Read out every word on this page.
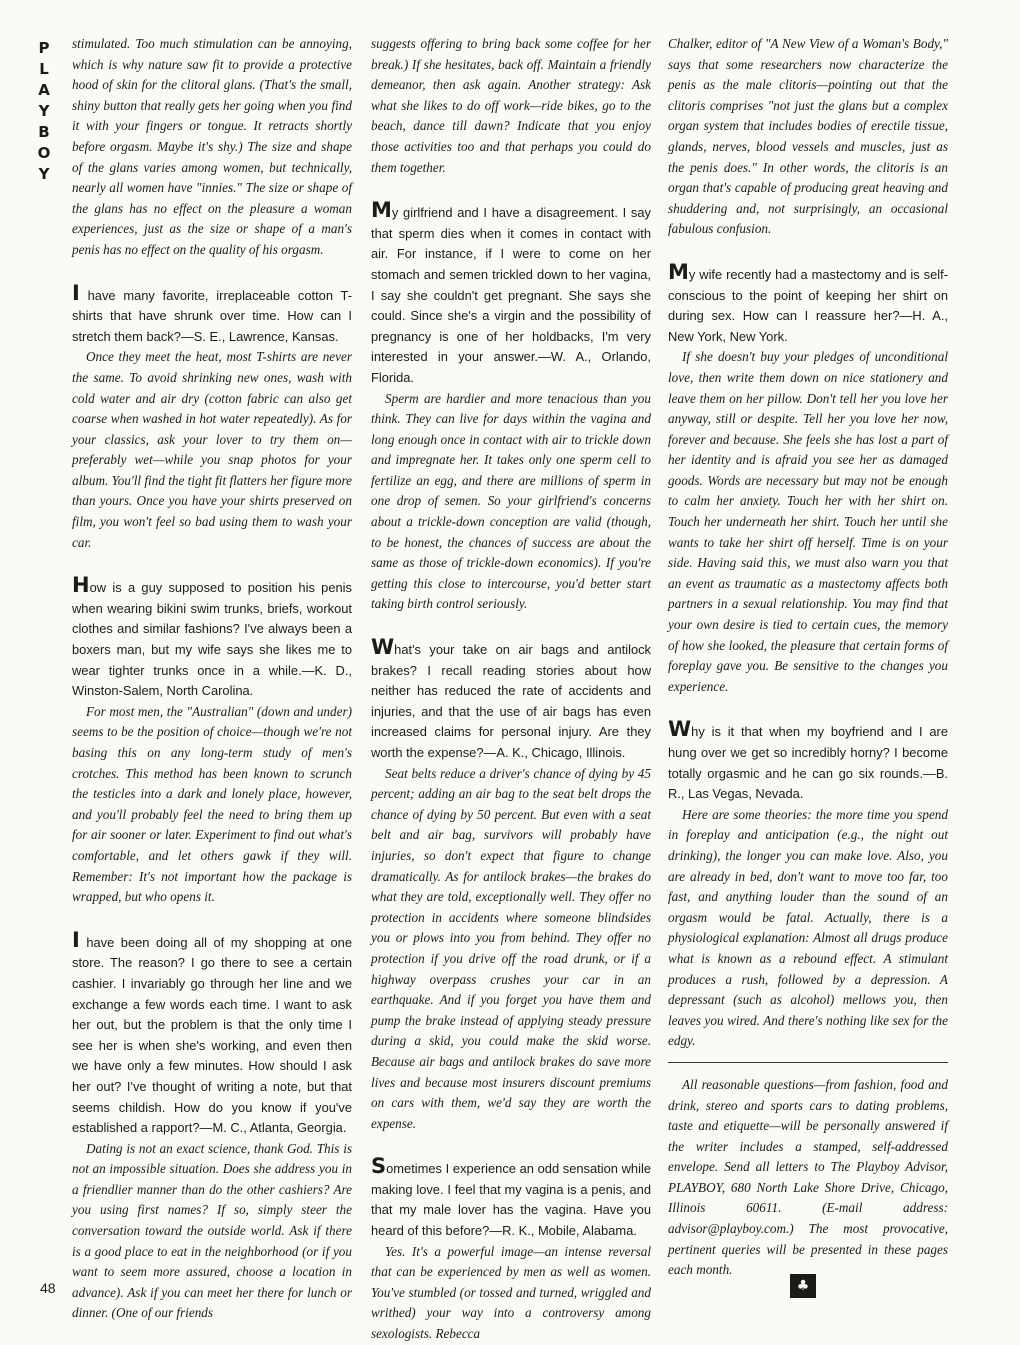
P
L
A
Y
B
O
Y

stimulated. Too much stimulation can be annoying, which is why nature saw fit to provide a protective hood of skin for the clitoral glans. (That's the small, shiny button that really gets her going when you find it with your fingers or tongue. It retracts shortly before orgasm. Maybe it's shy.) The size and shape of the glans varies among women, but technically, nearly all women have "innies." The size or shape of the glans has no effect on the pleasure a woman experiences, just as the size or shape of a man's penis has no effect on the quality of his orgasm.

I have many favorite, irreplaceable cotton T-shirts that have shrunk over time. How can I stretch them back?—S. E., Lawrence, Kansas.

Once they meet the heat, most T-shirts are never the same. To avoid shrinking new ones, wash with cold water and air dry (cotton fabric can also get coarse when washed in hot water repeatedly). As for your classics, ask your lover to try them on—preferably wet—while you snap photos for your album. You'll find the tight fit flatters her figure more than yours. Once you have your shirts preserved on film, you won't feel so bad using them to wash your car.

How is a guy supposed to position his penis when wearing bikini swim trunks, briefs, workout clothes and similar fashions? I've always been a boxers man, but my wife says she likes me to wear tighter trunks once in a while.—K. D., Winston-Salem, North Carolina.

For most men, the "Australian" (down and under) seems to be the position of choice—though we're not basing this on any long-term study of men's crotches. This method has been known to scrunch the testicles into a dark and lonely place, however, and you'll probably feel the need to bring them up for air sooner or later. Experiment to find out what's comfortable, and let others gawk if they will. Remember: It's not important how the package is wrapped, but who opens it.

I have been doing all of my shopping at one store. The reason? I go there to see a certain cashier. I invariably go through her line and we exchange a few words each time. I want to ask her out, but the problem is that the only time I see her is when she's working, and even then we have only a few minutes. How should I ask her out? I've thought of writing a note, but that seems childish. How do you know if you've established a rapport?—M. C., Atlanta, Georgia.

Dating is not an exact science, thank God. This is not an impossible situation. Does she address you in a friendlier manner than do the other cashiers? Are you using first names? If so, simply steer the conversation toward the outside world. Ask if there is a good place to eat in the neighborhood (or if you want to seem more assured, choose a location in advance). Ask if you can meet her there for lunch or dinner. (One of our friends

suggests offering to bring back some coffee for her break.) If she hesitates, back off. Maintain a friendly demeanor, then ask again. Another strategy: Ask what she likes to do off work—ride bikes, go to the beach, dance till dawn? Indicate that you enjoy those activities too and that perhaps you could do them together.

My girlfriend and I have a disagreement. I say that sperm dies when it comes in contact with air. For instance, if I were to come on her stomach and semen trickled down to her vagina, I say she couldn't get pregnant. She says she could. Since she's a virgin and the possibility of pregnancy is one of her holdbacks, I'm very interested in your answer.—W. A., Orlando, Florida.

Sperm are hardier and more tenacious than you think. They can live for days within the vagina and long enough once in contact with air to trickle down and impregnate her. It takes only one sperm cell to fertilize an egg, and there are millions of sperm in one drop of semen. So your girlfriend's concerns about a trickle-down conception are valid (though, to be honest, the chances of success are about the same as those of trickle-down economics). If you're getting this close to intercourse, you'd better start taking birth control seriously.

What's your take on air bags and antilock brakes? I recall reading stories about how neither has reduced the rate of accidents and injuries, and that the use of air bags has even increased claims for personal injury. Are they worth the expense?—A. K., Chicago, Illinois.

Seat belts reduce a driver's chance of dying by 45 percent; adding an air bag to the seat belt drops the chance of dying by 50 percent. But even with a seat belt and air bag, survivors will probably have injuries, so don't expect that figure to change dramatically. As for antilock brakes—the brakes do what they are told, exceptionally well. They offer no protection in accidents where someone blindsides you or plows into you from behind. They offer no protection if you drive off the road drunk, or if a highway overpass crushes your car in an earthquake. And if you forget you have them and pump the brake instead of applying steady pressure during a skid, you could make the skid worse. Because air bags and antilock brakes do save more lives and because most insurers discount premiums on cars with them, we'd say they are worth the expense.

Sometimes I experience an odd sensation while making love. I feel that my vagina is a penis, and that my male lover has the vagina. Have you heard of this before?—R. K., Mobile, Alabama.

Yes. It's a powerful image—an intense reversal that can be experienced by men as well as women. You've stumbled (or tossed and turned, wriggled and writhed) your way into a controversy among sexologists. Rebecca

Chalker, editor of "A New View of a Woman's Body," says that some researchers now characterize the penis as the male clitoris—pointing out that the clitoris comprises "not just the glans but a complex organ system that includes bodies of erectile tissue, glands, nerves, blood vessels and muscles, just as the penis does." In other words, the clitoris is an organ that's capable of producing great heaving and shuddering and, not surprisingly, an occasional fabulous confusion.

My wife recently had a mastectomy and is self-conscious to the point of keeping her shirt on during sex. How can I reassure her?—H. A., New York, New York.

If she doesn't buy your pledges of unconditional love, then write them down on nice stationery and leave them on her pillow. Don't tell her you love her anyway, still or despite. Tell her you love her now, forever and because. She feels she has lost a part of her identity and is afraid you see her as damaged goods. Words are necessary but may not be enough to calm her anxiety. Touch her with her shirt on. Touch her underneath her shirt. Touch her until she wants to take her shirt off herself. Time is on your side. Having said this, we must also warn you that an event as traumatic as a mastectomy affects both partners in a sexual relationship. You may find that your own desire is tied to certain cues, the memory of how she looked, the pleasure that certain forms of foreplay gave you. Be sensitive to the changes you experience.

Why is it that when my boyfriend and I are hung over we get so incredibly horny? I become totally orgasmic and he can go six rounds.—B. R., Las Vegas, Nevada.

Here are some theories: the more time you spend in foreplay and anticipation (e.g., the night out drinking), the longer you can make love. Also, you are already in bed, don't want to move too far, too fast, and anything louder than the sound of an orgasm would be fatal. Actually, there is a physiological explanation: Almost all drugs produce what is known as a rebound effect. A stimulant produces a rush, followed by a depression. A depressant (such as alcohol) mellows you, then leaves you wired. And there's nothing like sex for the edgy.

All reasonable questions—from fashion, food and drink, stereo and sports cars to dating problems, taste and etiquette—will be personally answered if the writer includes a stamped, self-addressed envelope. Send all letters to The Playboy Advisor, PLAYBOY, 680 North Lake Shore Drive, Chicago, Illinois 60611. (E-mail address: advisor@playboy.com.) The most provocative, pertinent queries will be presented in these pages each month.

48	♣
